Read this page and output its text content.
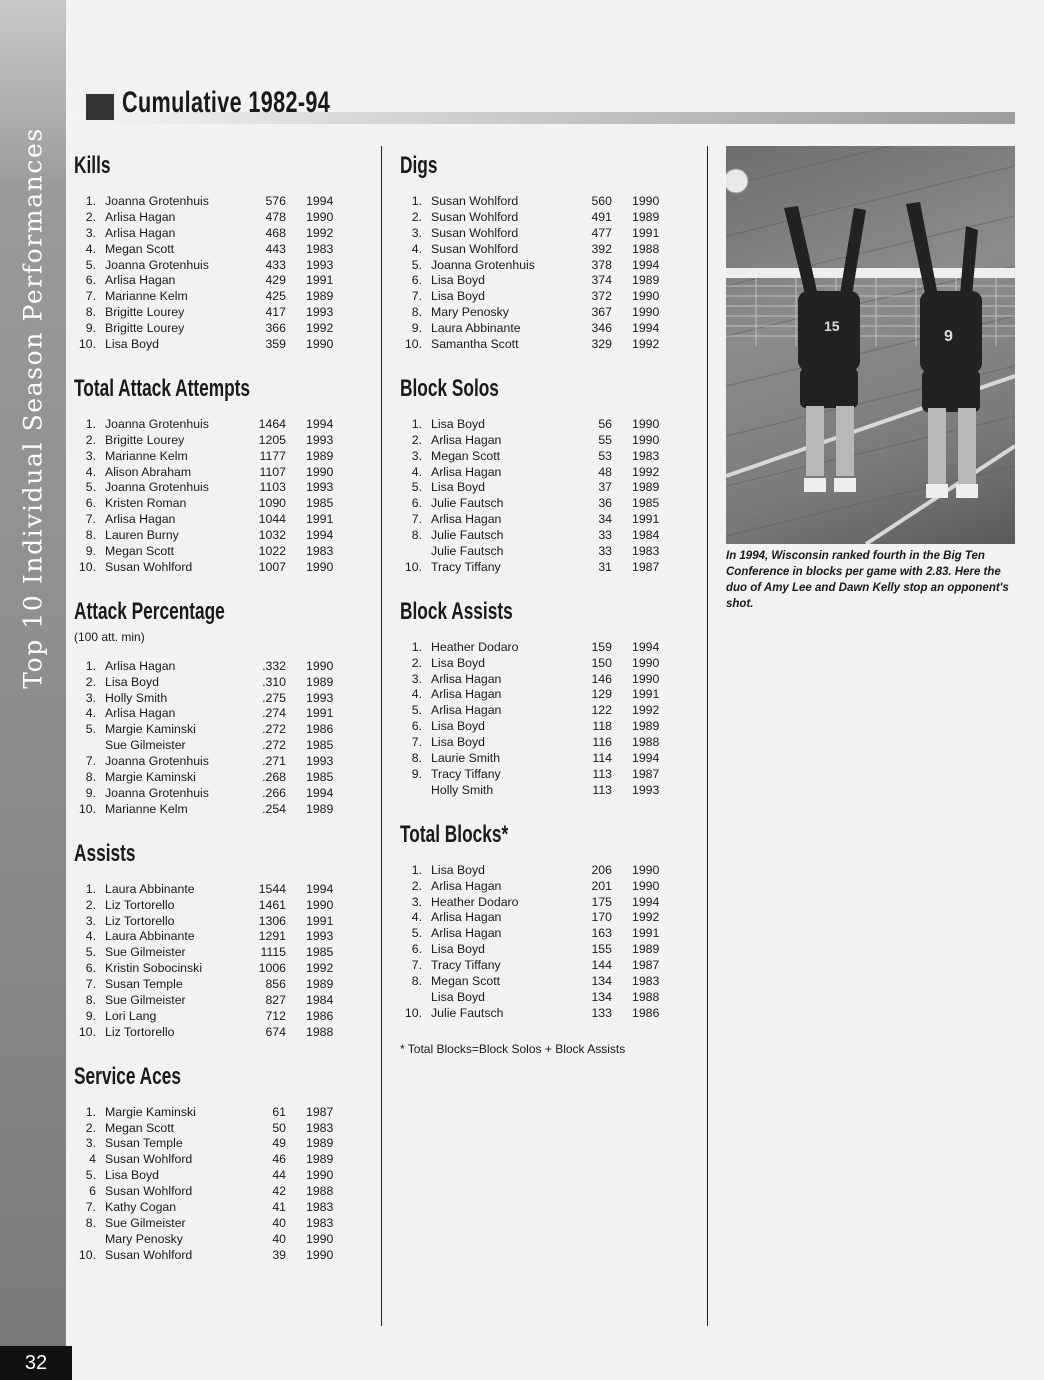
Top 10 Individual Season Performances
32
Cumulative 1982-94
Kills
1. Joanna Grotenhuis	576 1994
2. Arlisa Hagan	478 1990
3. Arlisa Hagan	468 1992
4. Megan Scott	443 1983
5. Joanna Grotenhuis	433 1993
6. Arlisa Hagan	429 1991
7. Marianne Kelm	425 1989
8. Brigitte Lourey	417 1993
9. Brigitte Lourey	366 1992
10. Lisa Boyd	359 1990
Total Attack Attempts
1. Joanna Grotenhuis	1464 1994
2. Brigitte Lourey	1205 1993
3. Marianne Kelm	1177 1989
4. Alison Abraham	1107 1990
5. Joanna Grotenhuis	1103 1993
6. Kristen Roman	1090 1985
7. Arlisa Hagan	1044 1991
8. Lauren Burny	1032 1994
9. Megan Scott	1022 1983
10. Susan Wohlford	1007 1990
Attack Percentage
(100 att. min)
1. Arlisa Hagan	.332 1990
2. Lisa Boyd	.310 1989
3. Holly Smith	.275 1993
4. Arlisa Hagan	.274 1991
5. Margie Kaminski	.272 1986
Sue Gilmeister	.272 1985
7. Joanna Grotenhuis	.271 1993
8. Margie Kaminski	.268 1985
9. Joanna Grotenhuis	.266 1994
10. Marianne Kelm	.254 1989
Assists
1. Laura Abbinante	1544 1994
2. Liz Tortorello	1461 1990
3. Liz Tortorello	1306 1991
4. Laura Abbinante	1291 1993
5. Sue Gilmeister	1115 1985
6. Kristin Sobocinski	1006 1992
7. Susan Temple	856 1989
8. Sue Gilmeister	827 1984
9. Lori Lang	712 1986
10. Liz Tortorello	674 1988
Service Aces
1. Margie Kaminski	61 1987
2. Megan Scott	50 1983
3. Susan Temple	49 1989
4 Susan Wohlford	46 1989
5. Lisa Boyd	44 1990
6 Susan Wohlford	42 1988
7. Kathy Cogan	41 1983
8. Sue Gilmeister	40 1983
Mary Penosky	40 1990
10. Susan Wohlford	39 1990
Digs
1. Susan Wohlford	560 1990
2. Susan Wohlford	491 1989
3. Susan Wohlford	477 1991
4. Susan Wohlford	392 1988
5. Joanna Grotenhuis	378 1994
6. Lisa Boyd	374 1989
7. Lisa Boyd	372 1990
8. Mary Penosky	367 1990
9. Laura Abbinante	346 1994
10. Samantha Scott	329 1992
Block Solos
1. Lisa Boyd	56 1990
2. Arlisa Hagan	55 1990
3. Megan Scott	53 1983
4. Arlisa Hagan	48 1992
5. Lisa Boyd	37 1989
6. Julie Fautsch	36 1985
7. Arlisa Hagan	34 1991
8. Julie Fautsch	33 1984
Julie Fautsch	33 1983
10. Tracy Tiffany	31 1987
Block Assists
1. Heather Dodaro	159 1994
2. Lisa Boyd	150 1990
3. Arlisa Hagan	146 1990
4. Arlisa Hagan	129 1991
5. Arlisa Hagan	122 1992
6. Lisa Boyd	118 1989
7. Lisa Boyd	116 1988
8. Laurie Smith	114 1994
9. Tracy Tiffany	113 1987
Holly Smith	113 1993
Total Blocks*
1. Lisa Boyd	206 1990
2. Arlisa Hagan	201 1990
3. Heather Dodaro	175 1994
4. Arlisa Hagan	170 1992
5. Arlisa Hagan	163 1991
6. Lisa Boyd	155 1989
7. Tracy Tiffany	144 1987
8. Megan Scott	134 1983
Lisa Boyd	134 1988
10. Julie Fautsch	133 1986
* Total Blocks=Block Solos + Block Assists
15
9
In 1994, Wisconsin ranked fourth in the Big Ten Conference in blocks per game with 2.83. Here the duo of Amy Lee and Dawn Kelly stop an opponent's shot.
